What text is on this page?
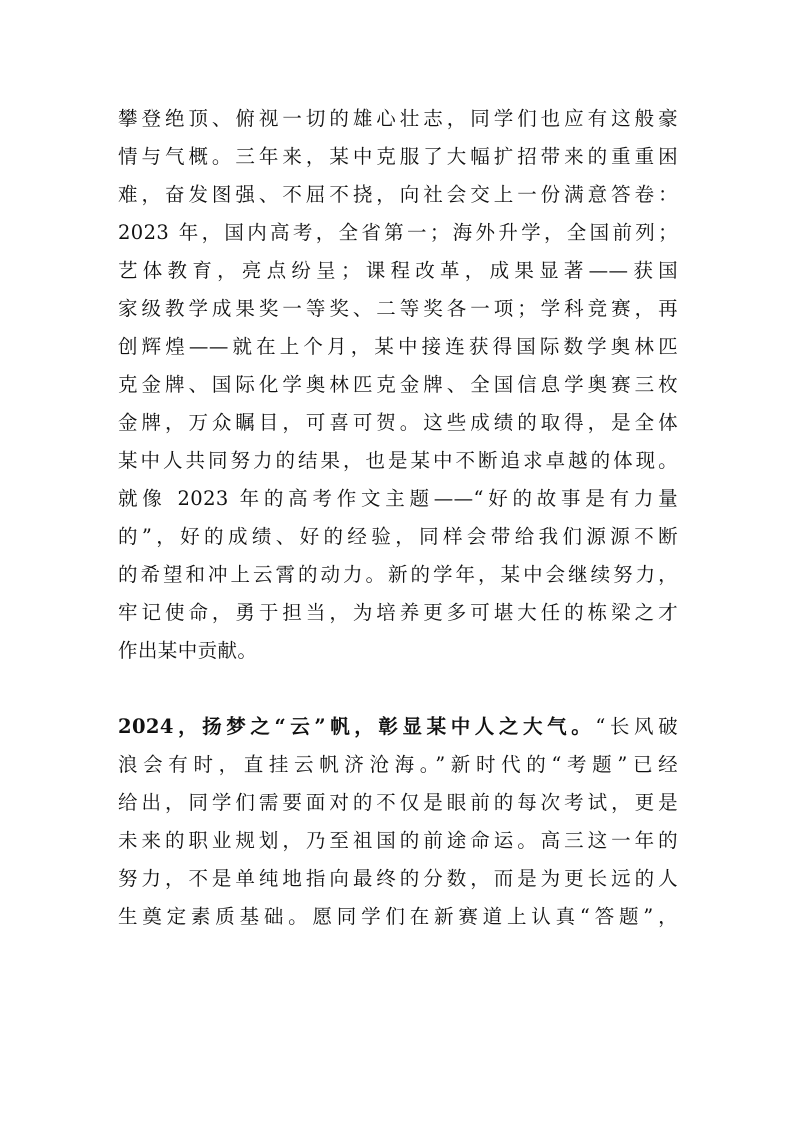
攀登绝顶、俯视一切的雄心壮志，同学们也应有这般豪
情与气概。三年来，某中克服了大幅扩招带来的重重困
难，奋发图强、不屈不挠，向社会交上一份满意答卷：
2023 年，国内高考，全省第一；海外升学，全国前列；
艺体教育，亮点纷呈；课程改革，成果显著——获国
家级教学成果奖一等奖、二等奖各一项；学科竞赛，再
创辉煌——就在上个月，某中接连获得国际数学奥林匹
克金牌、国际化学奥林匹克金牌、全国信息学奥赛三枚
金牌，万众瞩目，可喜可贺。这些成绩的取得，是全体
某中人共同努力的结果，也是某中不断追求卓越的体现。
就像 2023 年的高考作文主题——“好的故事是有力量
的”，好的成绩、好的经验，同样会带给我们源源不断
的希望和冲上云霄的动力。新的学年，某中会继续努力，
牢记使命，勇于担当，为培养更多可堪大任的栋梁之才
作出某中贡献。
2024，扬梦之“云”帆，彰显某中人之大气。“长风破
浪会有时，直挂云帆济沧海。”新时代的“考题”已经
给出，同学们需要面对的不仅是眼前的每次考试，更是
未来的职业规划，乃至祖国的前途命运。高三这一年的
努力，不是单纯地指向最终的分数，而是为更长远的人
生奠定素质基础。愿同学们在新赛道上认真“答题”，
